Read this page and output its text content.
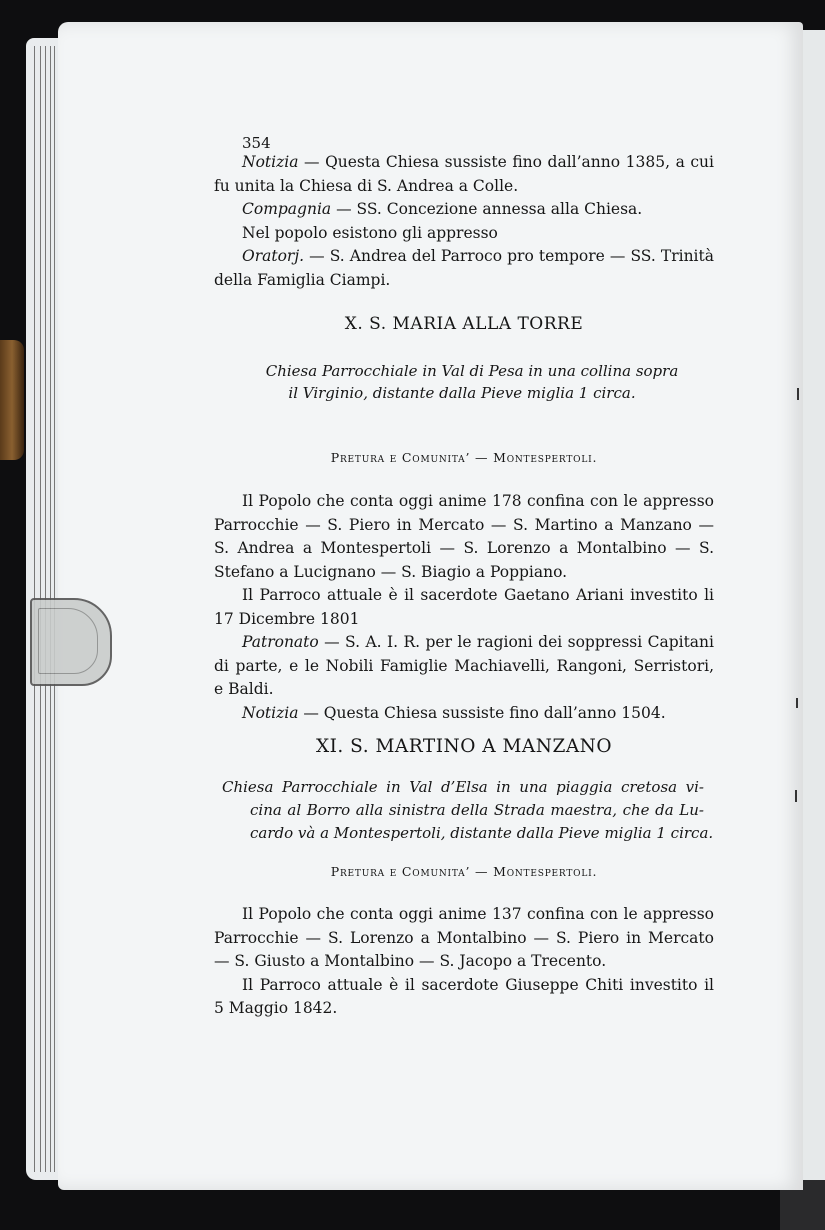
354
Notizia — Questa Chiesa sussiste fino dall’anno 1385, a cui
fu unita la Chiesa di S. Andrea a Colle.
Compagnia — SS. Concezione annessa alla Chiesa.
Nel popolo esistono gli appresso
Oratorj. — S. Andrea del Parroco pro tempore — SS. Trinità
della Famiglia Ciampi.
X. S. MARIA ALLA TORRE
Chiesa Parrocchiale in Val di Pesa in una collina sopra
il Virginio, distante dalla Pieve miglia 1 circa.
Pretura e Comunita’ — Montespertoli.
Il Popolo che conta oggi anime 178 confina con le appresso
Parrocchie — S. Piero in Mercato — S. Martino a Manzano —
S. Andrea a Montespertoli — S. Lorenzo a Montalbino — S.
Stefano a Lucignano — S. Biagio a Poppiano.
Il Parroco attuale è il sacerdote Gaetano Ariani investito li
17 Dicembre 1801
Patronato — S. A. I. R. per le ragioni dei soppressi Capitani
di parte, e le Nobili Famiglie Machiavelli, Rangoni, Serristori,
e Baldi.
Notizia — Questa Chiesa sussiste fino dall’anno 1504.
XI. S. MARTINO A MANZANO
Chiesa Parrocchiale in Val d’Elsa in una piaggia cretosa vi-
cina al Borro alla sinistra della Strada maestra, che da Lu-
cardo và a Montespertoli, distante dalla Pieve miglia 1 circa.
Pretura e Comunita’ — Montespertoli.
Il Popolo che conta oggi anime 137 confina con le appresso
Parrocchie — S. Lorenzo a Montalbino — S. Piero in Mercato
— S. Giusto a Montalbino — S. Jacopo a Trecento.
Il Parroco attuale è il sacerdote Giuseppe Chiti investito il
5 Maggio 1842.
